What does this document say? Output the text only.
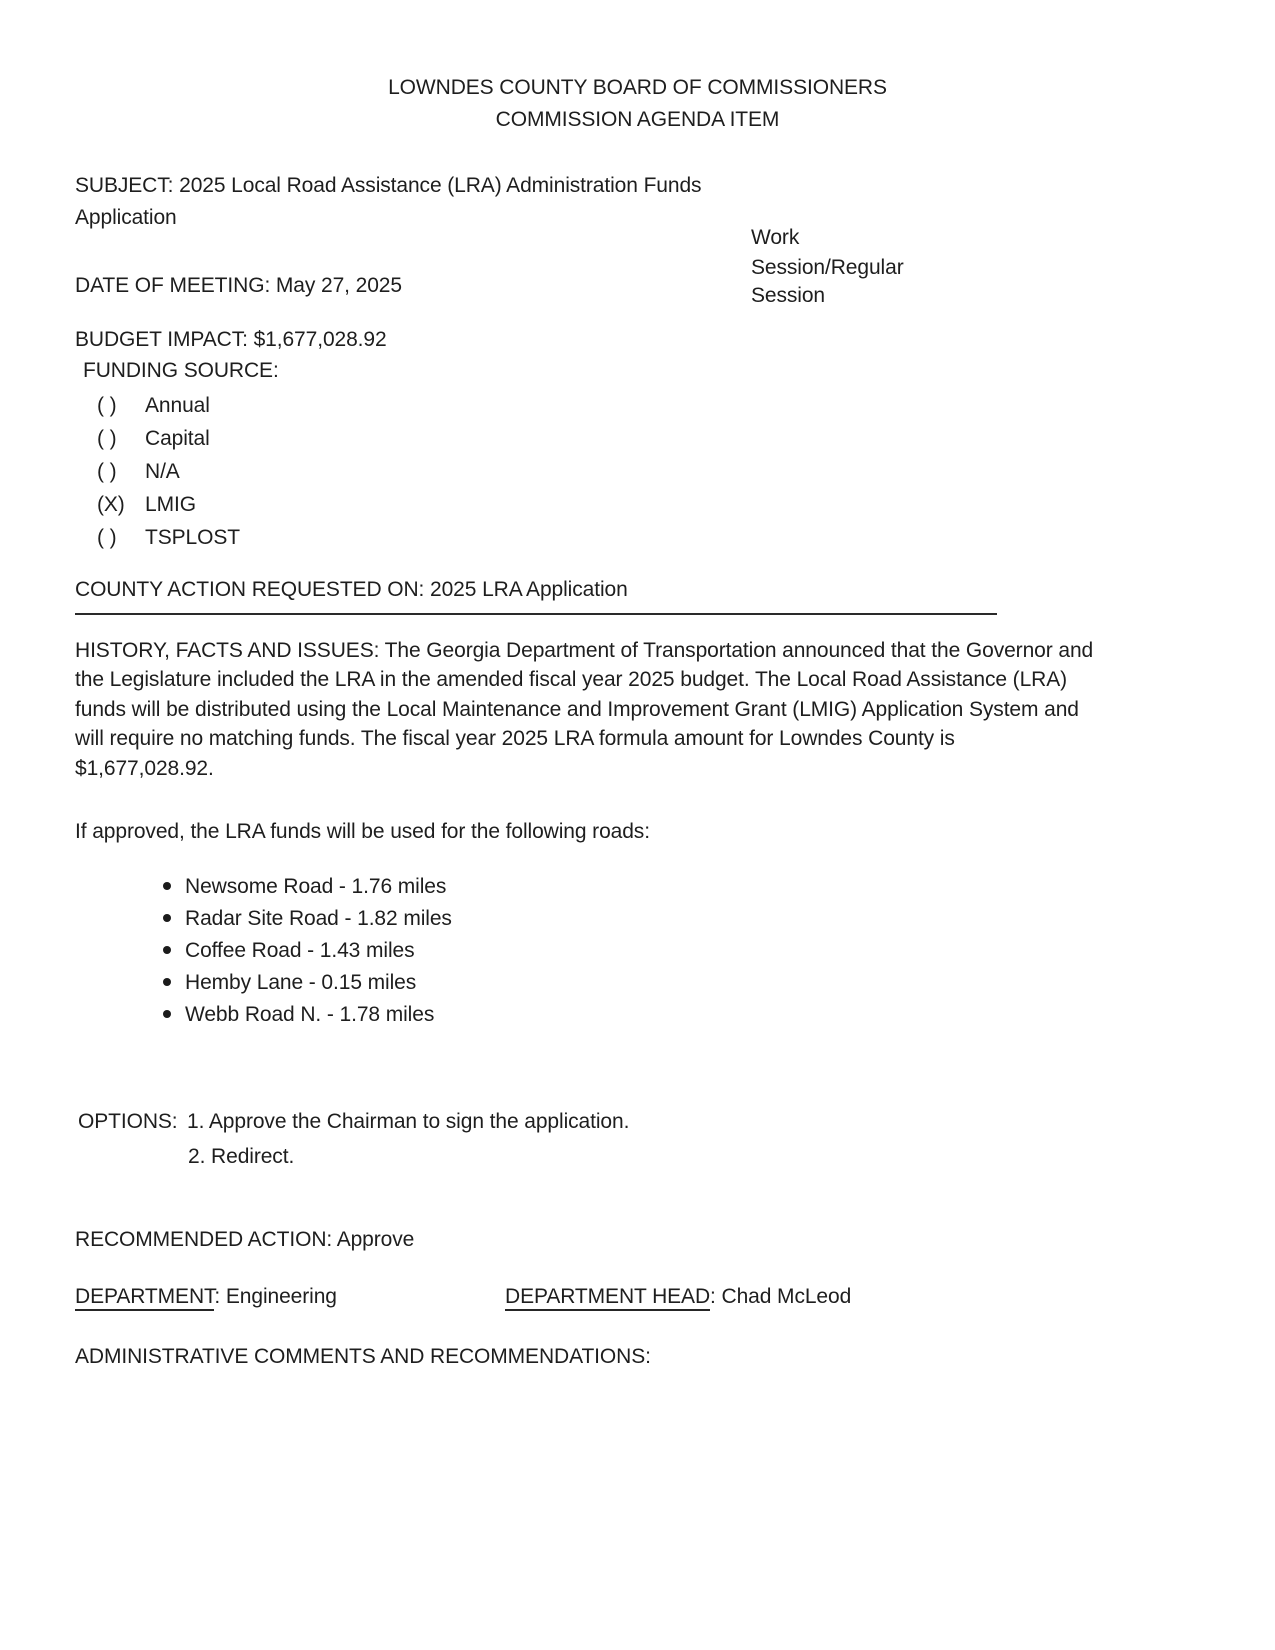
LOWNDES COUNTY BOARD OF COMMISSIONERS
COMMISSION AGENDA ITEM
SUBJECT: 2025 Local Road Assistance (LRA) Administration Funds
Application
Work
Session/Regular
Session
DATE OF MEETING: May 27, 2025
BUDGET IMPACT: $1,677,028.92
FUNDING SOURCE:
( ) Annual
( ) Capital
( ) N/A
(X) LMIG
( ) TSPLOST
COUNTY ACTION REQUESTED ON: 2025 LRA Application
HISTORY, FACTS AND ISSUES: The Georgia Department of Transportation announced that the Governor and
the Legislature included the LRA in the amended fiscal year 2025 budget. The Local Road Assistance (LRA)
funds will be distributed using the Local Maintenance and Improvement Grant (LMIG) Application System and
will require no matching funds. The fiscal year 2025 LRA formula amount for Lowndes County is
$1,677,028.92.
If approved, the LRA funds will be used for the following roads:
Newsome Road - 1.76 miles
Radar Site Road - 1.82 miles
Coffee Road - 1.43 miles
Hemby Lane - 0.15 miles
Webb Road N. - 1.78 miles
OPTIONS: 1. Approve the Chairman to sign the application.
2. Redirect.
RECOMMENDED ACTION: Approve
DEPARTMENT: Engineering	DEPARTMENT HEAD: Chad McLeod
ADMINISTRATIVE COMMENTS AND RECOMMENDATIONS:
